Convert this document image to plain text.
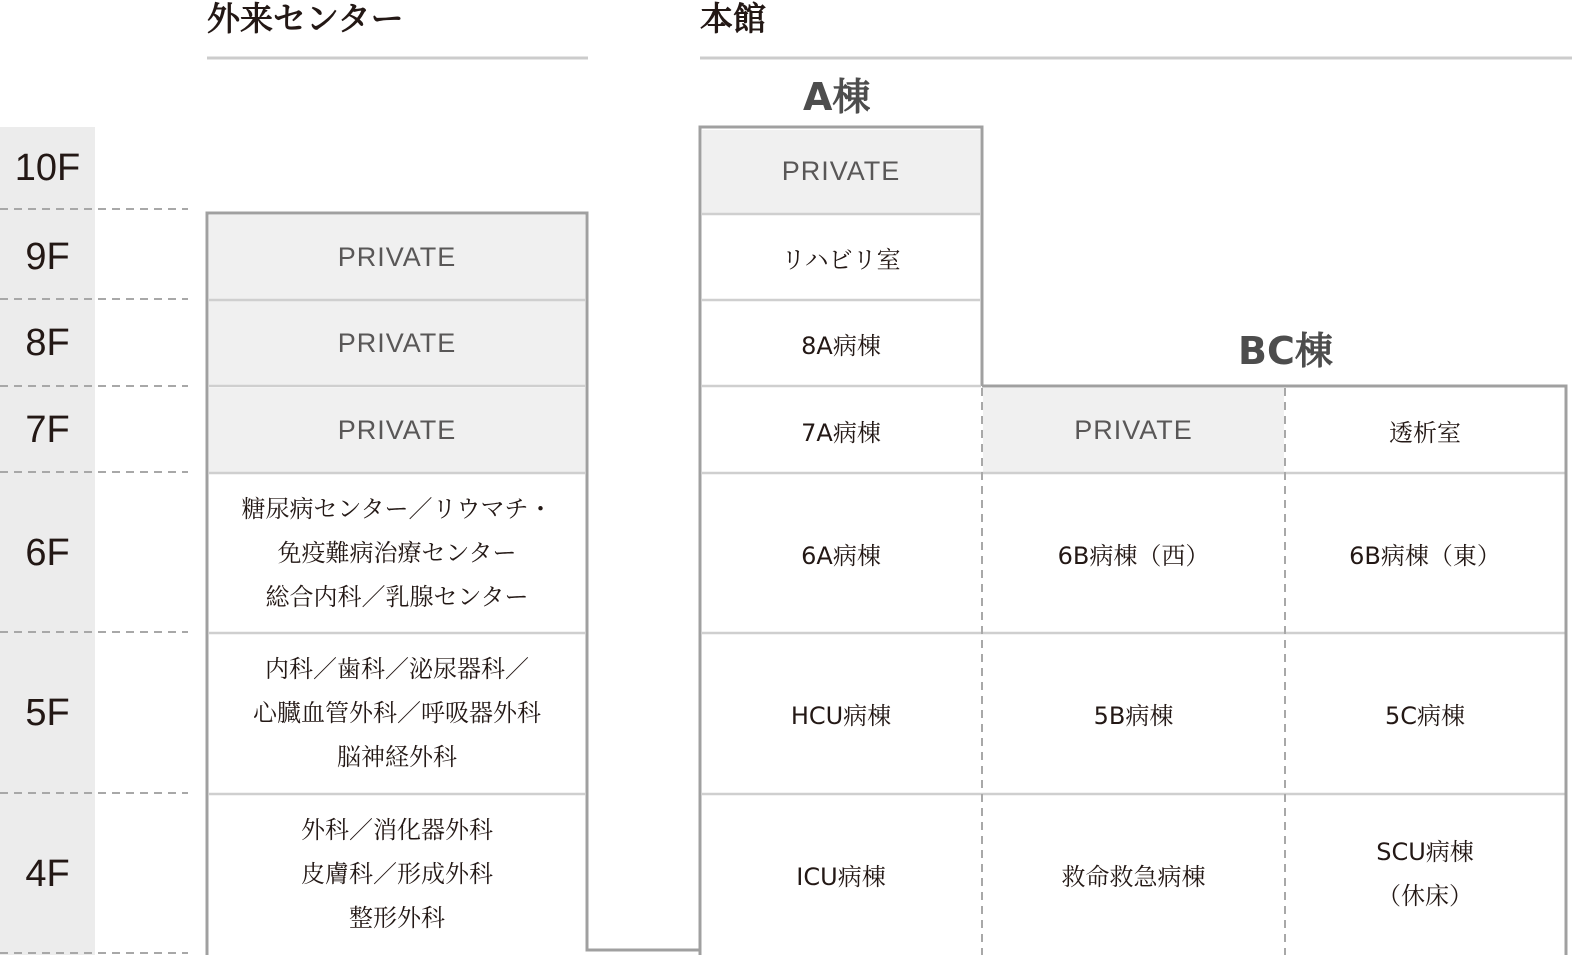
外来センター	本館
A棟
BC棟
10F
9F
8F
7F
6F
5F
4F
PRIVATE
PRIVATE
PRIVATE
糖尿病センター／リウマチ・
免疫難病治療センター
総合内科／乳腺センター
内科／歯科／泌尿器科／
心臓血管外科／呼吸器外科
脳神経外科
外科／消化器外科
皮膚科／形成外科
整形外科
PRIVATE
リハビリ室
8A病棟
7A病棟
6A病棟
HCU病棟
ICU病棟
PRIVATE
6B病棟（西）
5B病棟
救命救急病棟
透析室
6B病棟（東）
5C病棟
SCU病棟
（休床）
